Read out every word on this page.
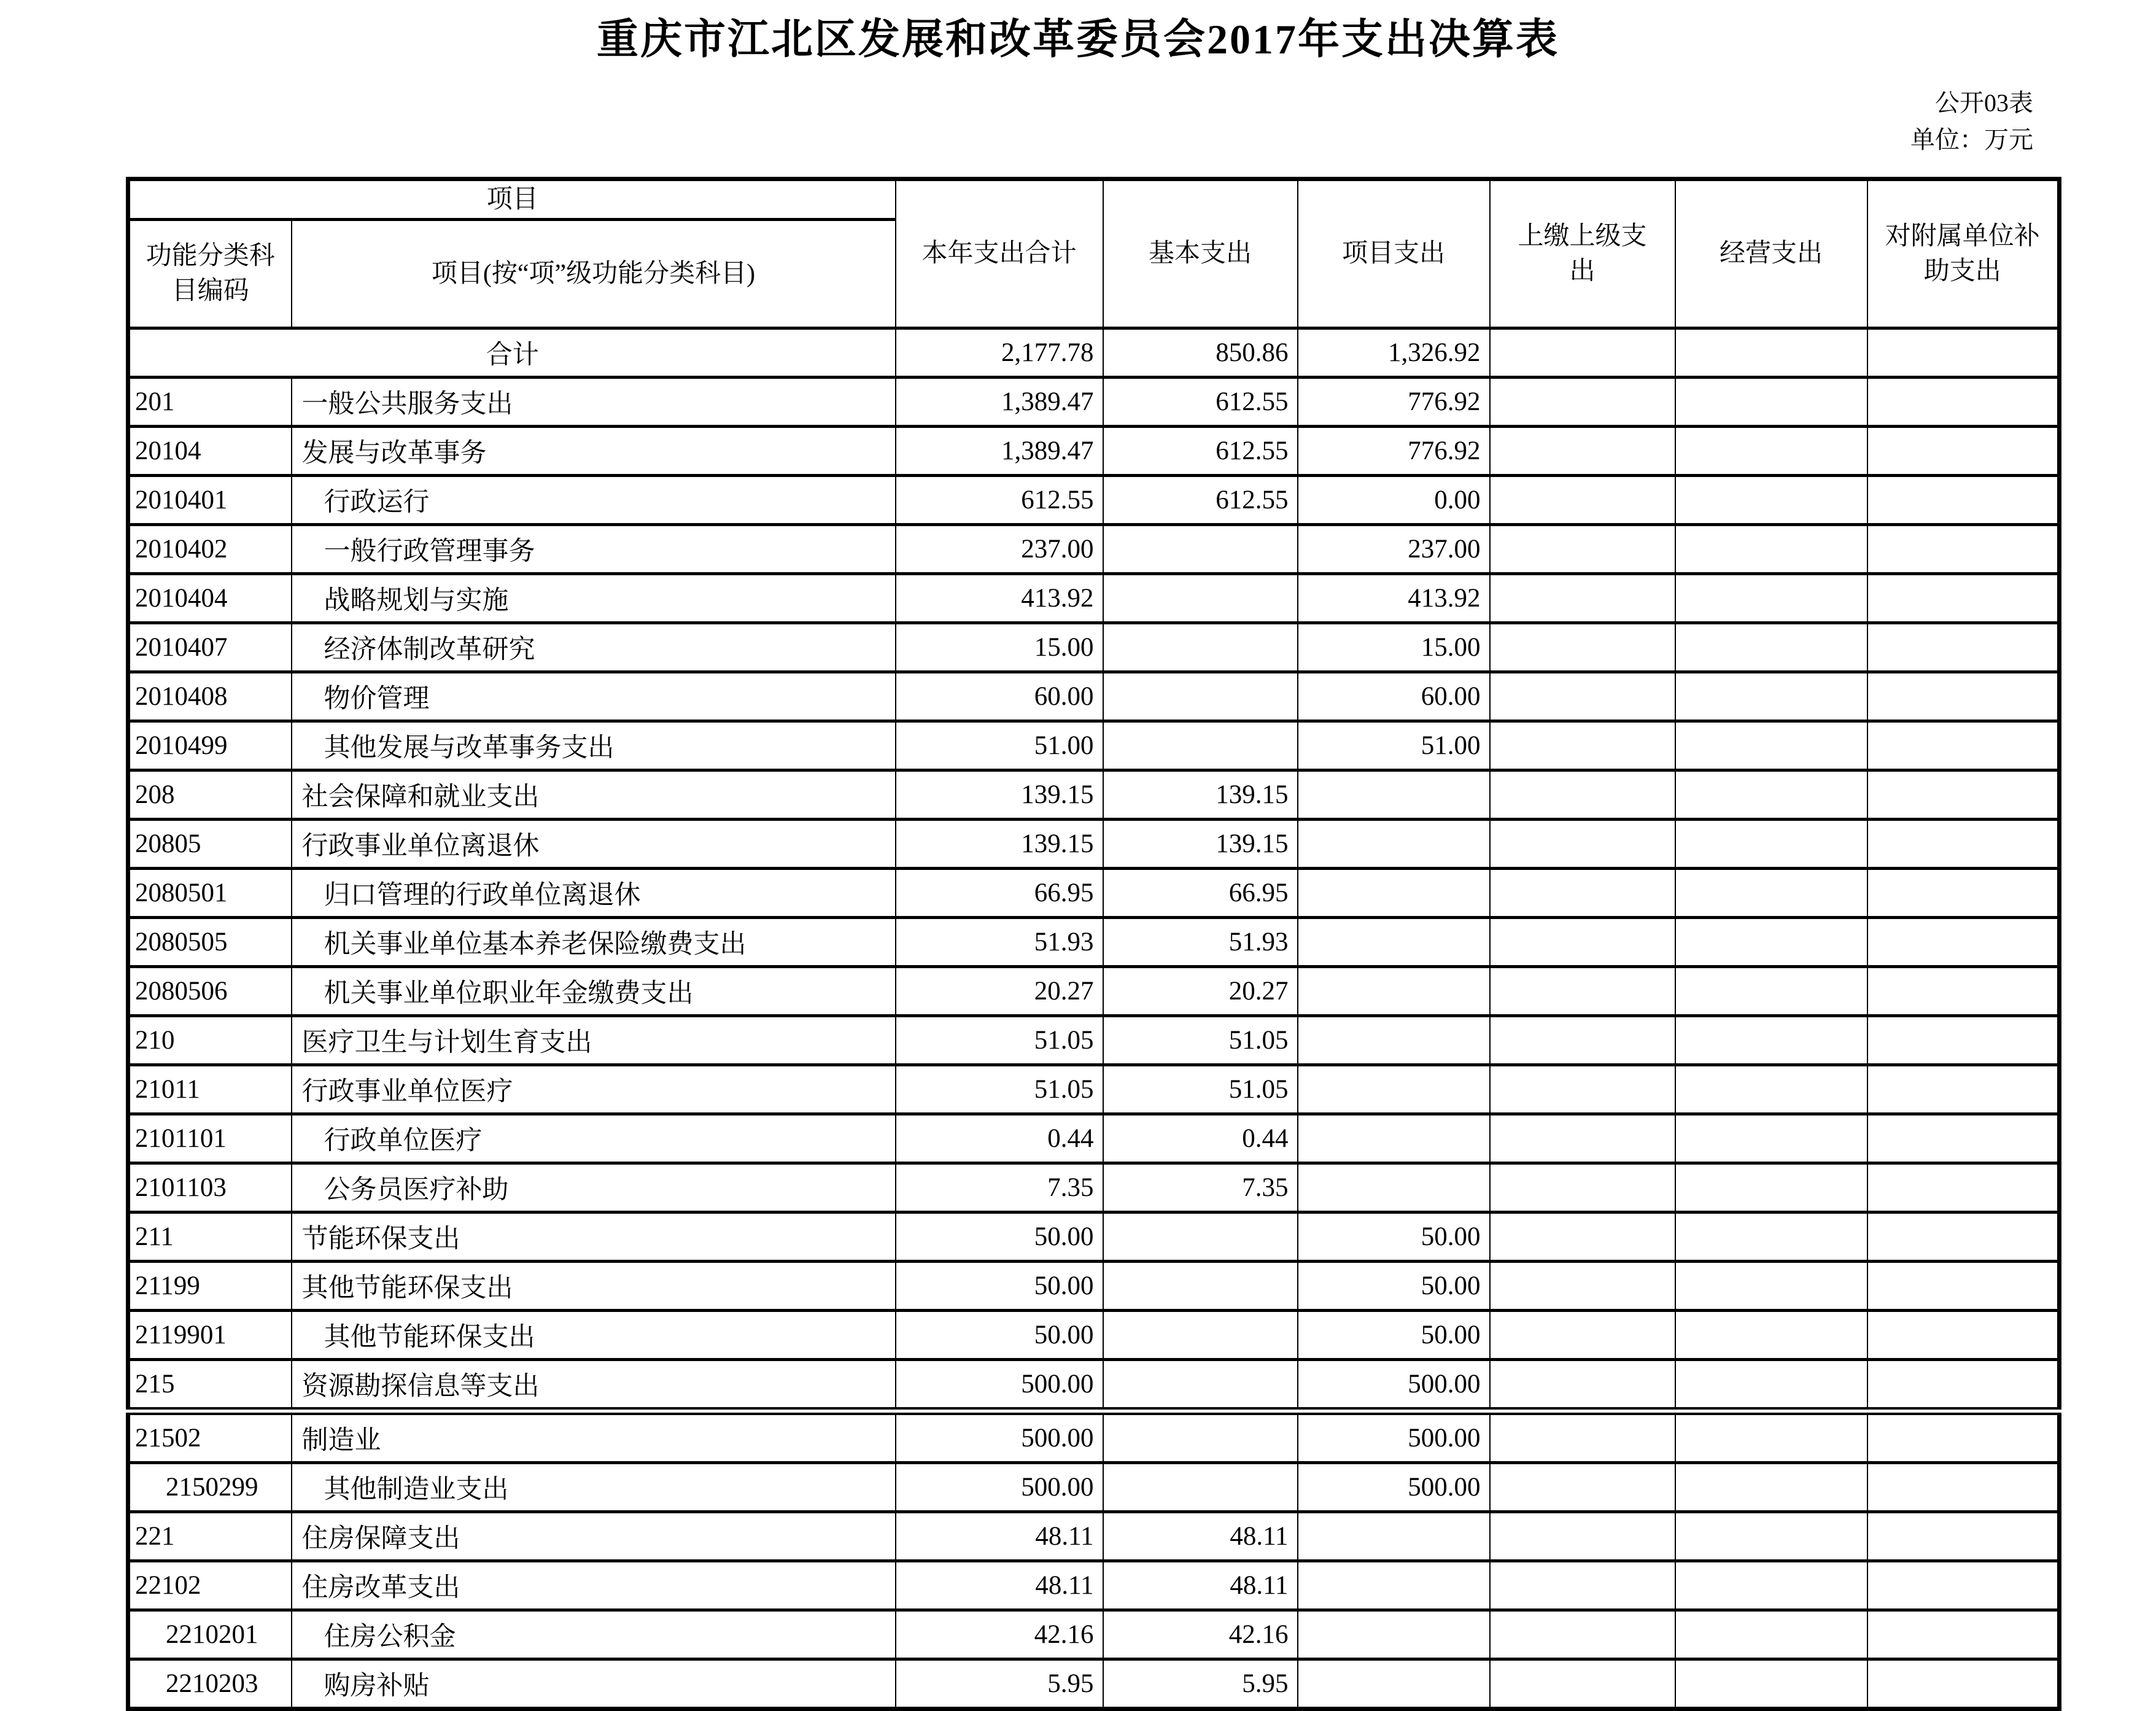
重庆市江北区发展和改革委员会2017年支出决算表
公开03表
单位：万元
项目		本年支出合计	基本支出	项目支出	上缴上级支出	经营支出	对附属单位补助支出
功能分类科目编码	项目(按“项”级功能分类科目)						
合计		2,177.78	850.86	1,326.92			
201	一般公共服务支出	1,389.47	612.55	776.92			
20104	发展与改革事务	1,389.47	612.55	776.92			
2010401	行政运行	612.55	612.55	0.00			
2010402	一般行政管理事务	237.00		237.00			
2010404	战略规划与实施	413.92		413.92			
2010407	经济体制改革研究	15.00		15.00			
2010408	物价管理	60.00		60.00			
2010499	其他发展与改革事务支出	51.00		51.00			
208	社会保障和就业支出	139.15	139.15				
20805	行政事业单位离退休	139.15	139.15				
2080501	归口管理的行政单位离退休	66.95	66.95				
2080505	机关事业单位基本养老保险缴费支出	51.93	51.93				
2080506	机关事业单位职业年金缴费支出	20.27	20.27				
210	医疗卫生与计划生育支出	51.05	51.05				
21011	行政事业单位医疗	51.05	51.05				
2101101	行政单位医疗	0.44	0.44				
2101103	公务员医疗补助	7.35	7.35				
211	节能环保支出	50.00		50.00			
21199	其他节能环保支出	50.00		50.00			
2119901	其他节能环保支出	50.00		50.00			
215	资源勘探信息等支出	500.00		500.00			
21502	制造业	500.00		500.00			
2150299	其他制造业支出	500.00		500.00			
221	住房保障支出	48.11	48.11				
22102	住房改革支出	48.11	48.11				
2210201	住房公积金	42.16	42.16				
2210203	购房补贴	5.95	5.95				
